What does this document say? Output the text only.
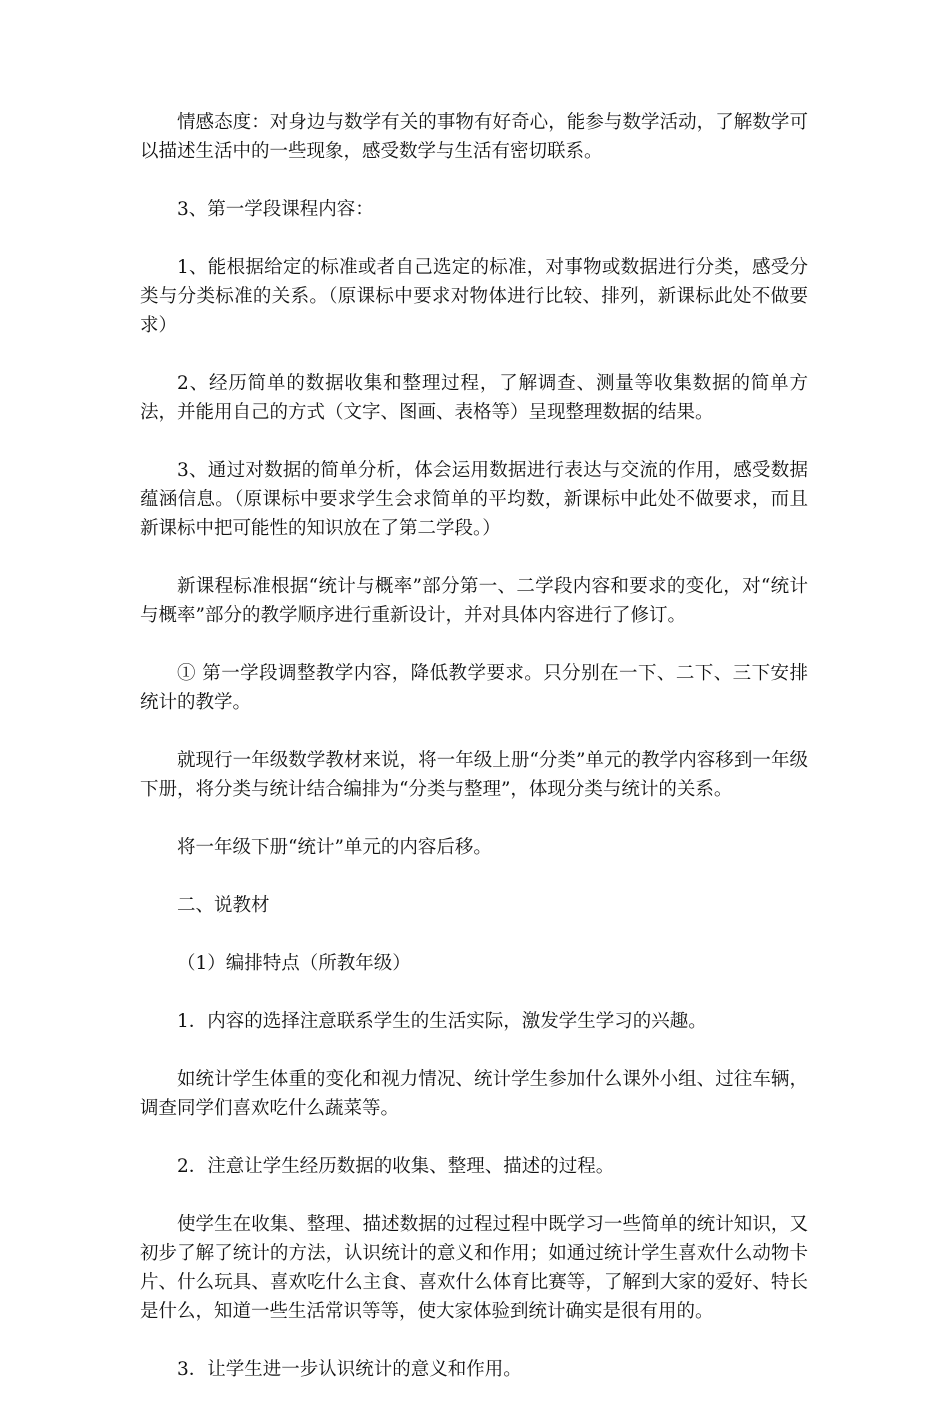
情感态度：对身边与数学有关的事物有好奇心，能参与数学活动，了解数学可以描述生活中的一些现象，感受数学与生活有密切联系。

3、第一学段课程内容：

1、能根据给定的标准或者自己选定的标准，对事物或数据进行分类，感受分类与分类标准的关系。（原课标中要求对物体进行比较、排列，新课标此处不做要求）

2、经历简单的数据收集和整理过程，了解调查、测量等收集数据的简单方法，并能用自己的方式（文字、图画、表格等）呈现整理数据的结果。

3、通过对数据的简单分析，体会运用数据进行表达与交流的作用，感受数据蕴涵信息。（原课标中要求学生会求简单的平均数，新课标中此处不做要求，而且新课标中把可能性的知识放在了第二学段。）

新课程标准根据“统计与概率”部分第一、二学段内容和要求的变化，对“统计与概率”部分的教学顺序进行重新设计，并对具体内容进行了修订。

① 第一学段调整教学内容，降低教学要求。只分别在一下、二下、三下安排统计的教学。

就现行一年级数学教材来说，将一年级上册“分类”单元的教学内容移到一年级下册，将分类与统计结合编排为“分类与整理”，体现分类与统计的关系。

将一年级下册“统计”单元的内容后移。

二、说教材

（1）编排特点（所教年级）

1．内容的选择注意联系学生的生活实际，激发学生学习的兴趣。

如统计学生体重的变化和视力情况、统计学生参加什么课外小组、过往车辆，调查同学们喜欢吃什么蔬菜等。

2．注意让学生经历数据的收集、整理、描述的过程。

使学生在收集、整理、描述数据的过程过程中既学习一些简单的统计知识，又初步了解了统计的方法，认识统计的意义和作用；如通过统计学生喜欢什么动物卡片、什么玩具、喜欢吃什么主食、喜欢什么体育比赛等，了解到大家的爱好、特长是什么，知道一些生活常识等等，使大家体验到统计确实是很有用的。

3．让学生进一步认识统计的意义和作用。
